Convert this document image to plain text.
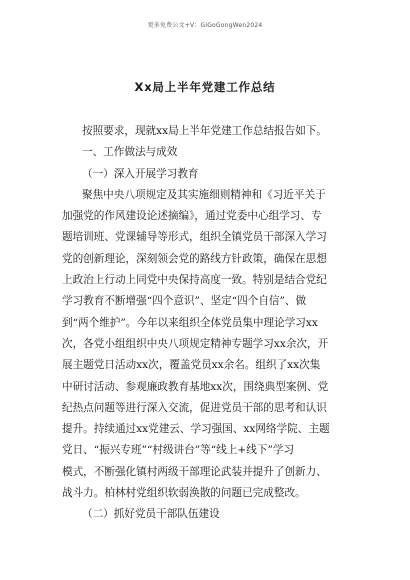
更多免费公文+V：GiGoGongWen2024
Xx局上半年党建工作总结
按照要求，现就xx局上半年党建工作总结报告如下。
一、工作做法与成效
（一）深入开展学习教育
聚焦中央八项规定及其实施细则精神和《习近平关于
加强党的作风建设论述摘编》，通过党委中心组学习、专
题培训班、党课辅导等形式，组织全镇党员干部深入学习
党的创新理论，深刻领会党的路线方针政策，确保在思想
上政治上行动上同党中央保持高度一致。特别是结合党纪
学习教育不断增强“四个意识”、坚定“四个自信”、做
到“两个维护”。今年以来组织全体党员集中理论学习xx
次，各党小组组织中央八项规定精神专题学习xx余次，开
展主题党日活动xx次，覆盖党员xx余名。组织了xx次集
中研讨活动、参观廉政教育基地xx次，围绕典型案例、党
纪热点问题等进行深入交流，促进党员干部的思考和认识
提升。持续通过xx党建云、学习强国、xx网络学院、主题
党日、“振兴专班”“村级讲台”等“线上+线下”学习
模式，不断强化镇村两级干部理论武装并提升了创新力、
战斗力。柏林村党组织软弱涣散的问题已完成整改。
（二）抓好党员干部队伍建设
